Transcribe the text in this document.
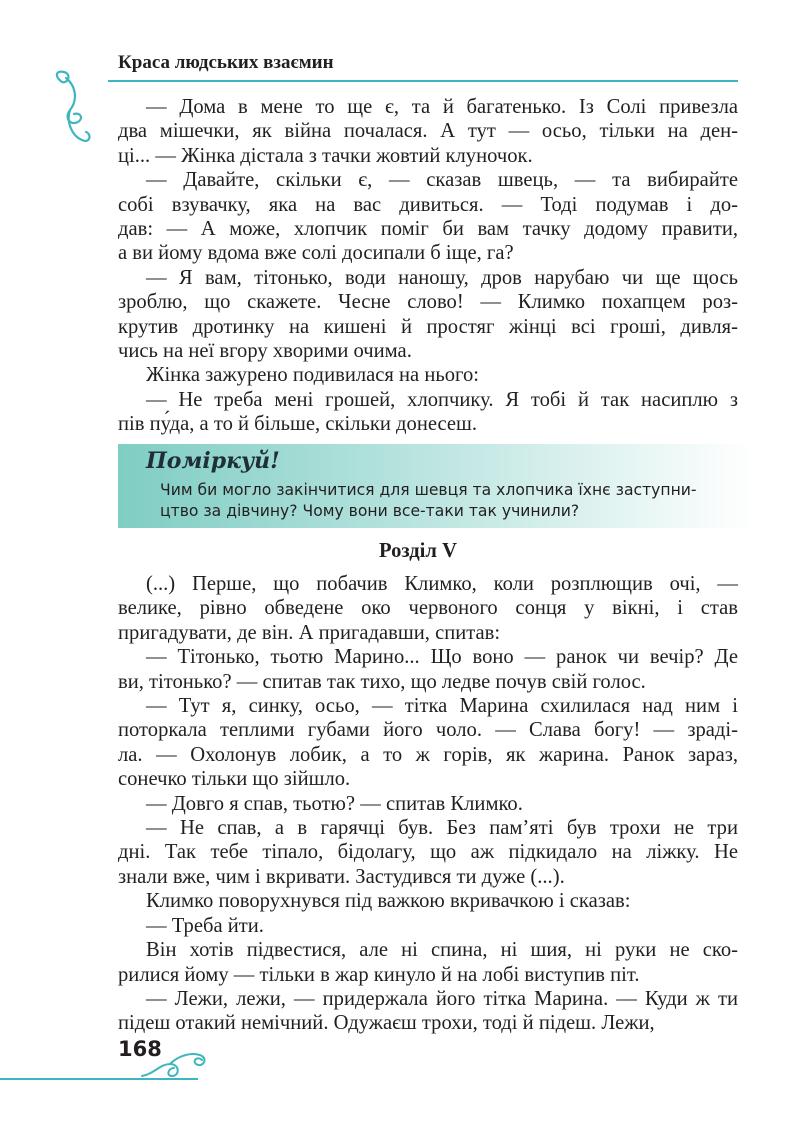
Краса людських взаємин

— Дома в мене то ще є, та й багатенько. Із Солі привезла
два мішечки, як війна почалася. А тут — осьо, тільки на ден-
ці... — Жінка дістала з тачки жовтий клуночок.

— Давайте, скільки є, — сказав швець, — та вибирайте
собі взувачку, яка на вас дивиться. — Тоді подумав і до-
дав: — А може, хлопчик поміг би вам тачку додому правити,
а ви йому вдома вже солі досипали б іще, га?

— Я вам, тітонько, води наношу, дров нарубаю чи ще щось
зроблю, що скажете. Чесне слово! — Климко похапцем роз-
крутив дротинку на кишені й простяг жінці всі гроші, дивля-
чись на неї вгору хворими очима.

Жінка зажурено подивилася на нього:

— Не треба мені грошей, хлопчику. Я тобі й так насиплю з
пів пу́да, а то й більше, скільки донесеш.

Поміркуй!
Чим би могло закінчитися для шевця та хлопчика їхнє заступни-
цтво за дівчину? Чому вони все-таки так учинили?
Розділ V

(...) Перше, що побачив Климко, коли розплющив очі, —
велике, рівно обведене око червоного сонця у вікні, і став
пригадувати, де він. А пригадавши, спитав:

— Тітонько, тьотю Марино... Що воно — ранок чи вечір? Де
ви, тітонько? — спитав так тихо, що ледве почув свій голос.

— Тут я, синку, осьо, — тітка Марина схилилася над ним і
поторкала теплими губами його чоло. — Слава богу! — зраді-
ла. — Охолонув лобик, а то ж горів, як жарина. Ранок зараз,
сонечко тільки що зійшло.

— Довго я спав, тьотю? — спитав Климко.

— Не спав, а в гарячці був. Без пам’яті був трохи не три
дні. Так тебе тіпало, бідолагу, що аж підкидало на ліжку. Не
знали вже, чим і вкривати. Застудився ти дуже (...).

Климко поворухнувся під важкою вкривачкою і сказав:

— Треба йти.

Він хотів підвестися, але ні спина, ні шия, ні руки не ско-
рилися йому — тільки в жар кинуло й на лобі виступив піт.

— Лежи, лежи, — придержала його тітка Марина. — Куди ж ти
підеш отакий немічний. Одужаєш трохи, тоді й підеш. Лежи,

168
